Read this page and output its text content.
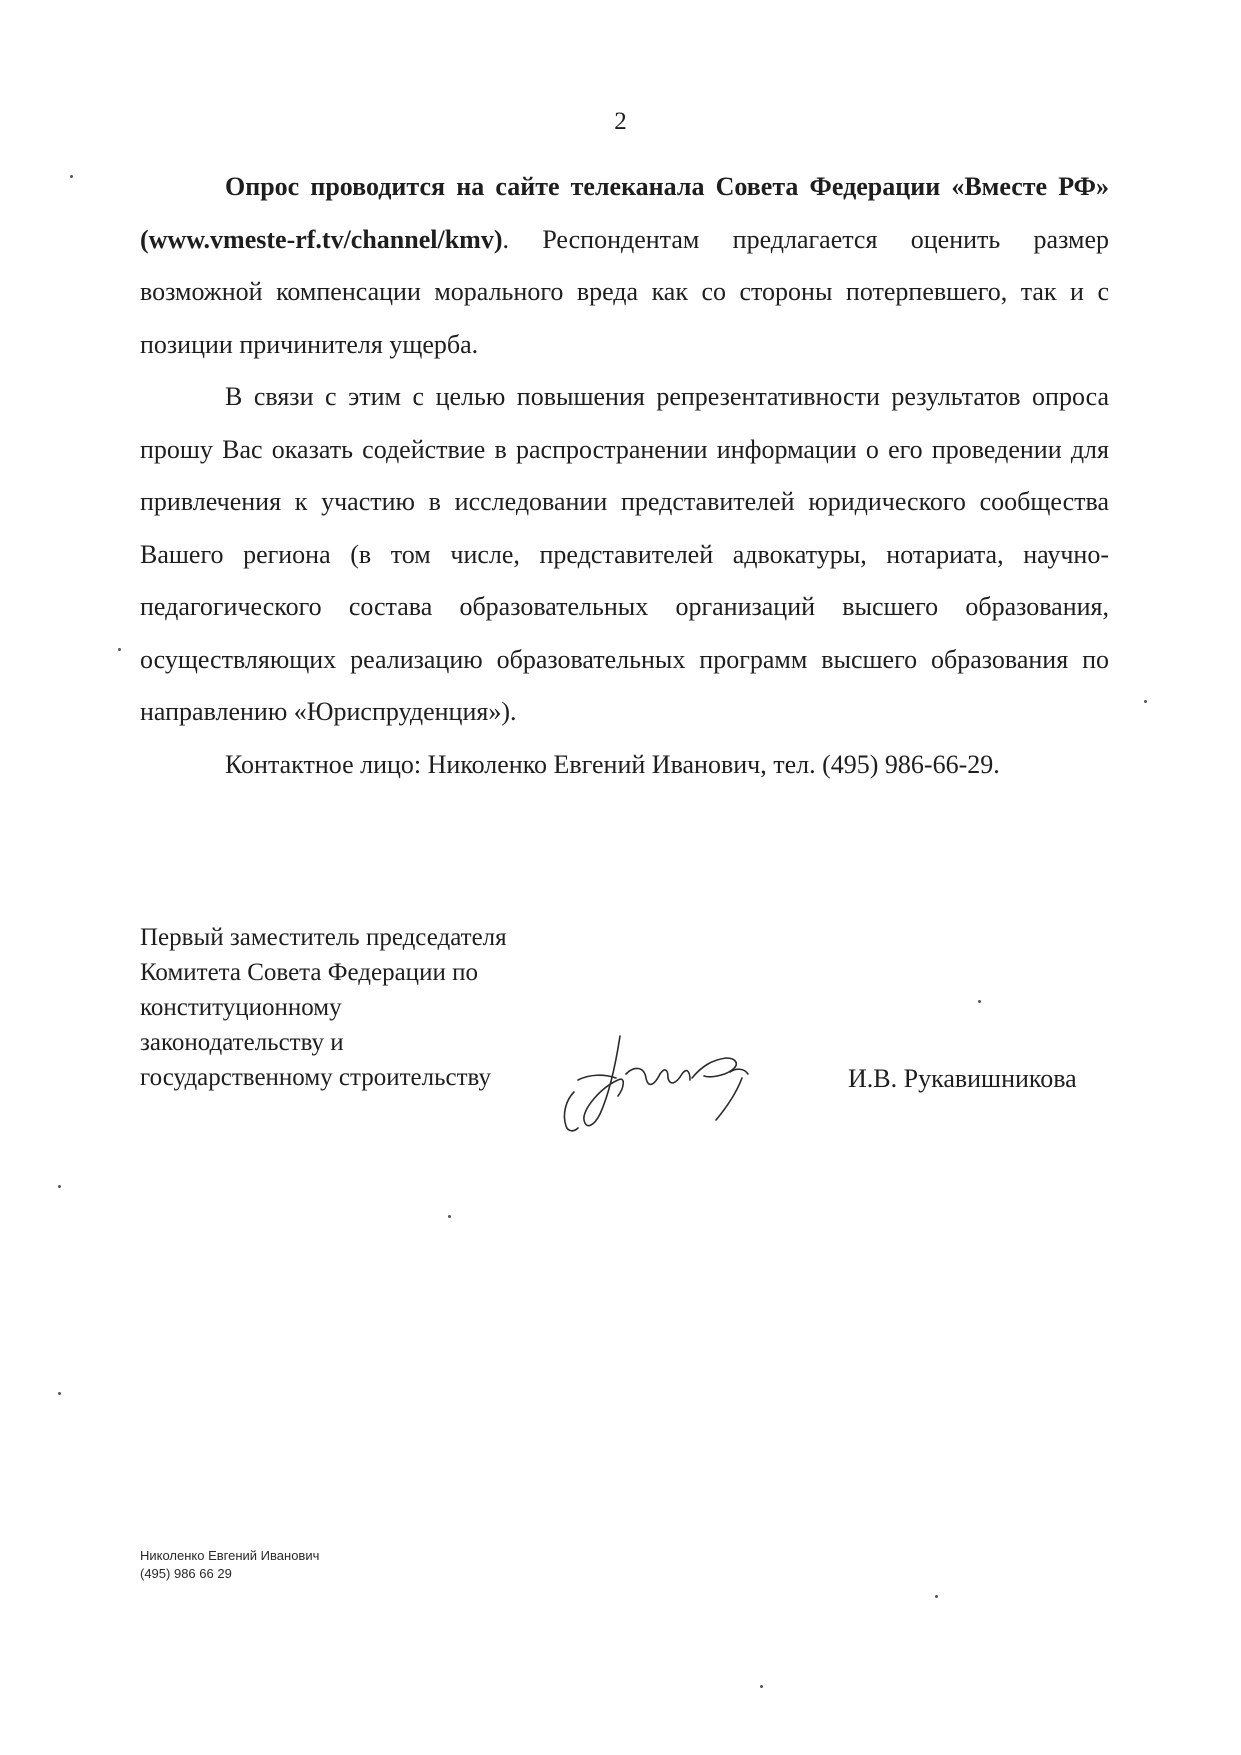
2

Опрос проводится на сайте телеканала Совета Федерации «Вместе РФ» (www.vmeste-rf.tv/channel/kmv). Респондентам предлагается оценить размер возможной компенсации морального вреда как со стороны потерпевшего, так и с позиции причинителя ущерба.

В связи с этим с целью повышения репрезентативности результатов опроса прошу Вас оказать содействие в распространении информации о его проведении для привлечения к участию в исследовании представителей юридического сообщества Вашего региона (в том числе, представителей адвокатуры, нотариата, научно-педагогического состава образовательных организаций высшего образования, осуществляющих реализацию образовательных программ высшего образования по направлению «Юриспруденция»).

Контактное лицо: Николенко Евгений Иванович, тел. (495) 986-66-29.

Первый заместитель председателя
Комитета Совета Федерации по
конституционному
законодательству и
государственному строительству	И.В. Рукавишникова
Николенко Евгений Иванович
(495) 986 66 29
